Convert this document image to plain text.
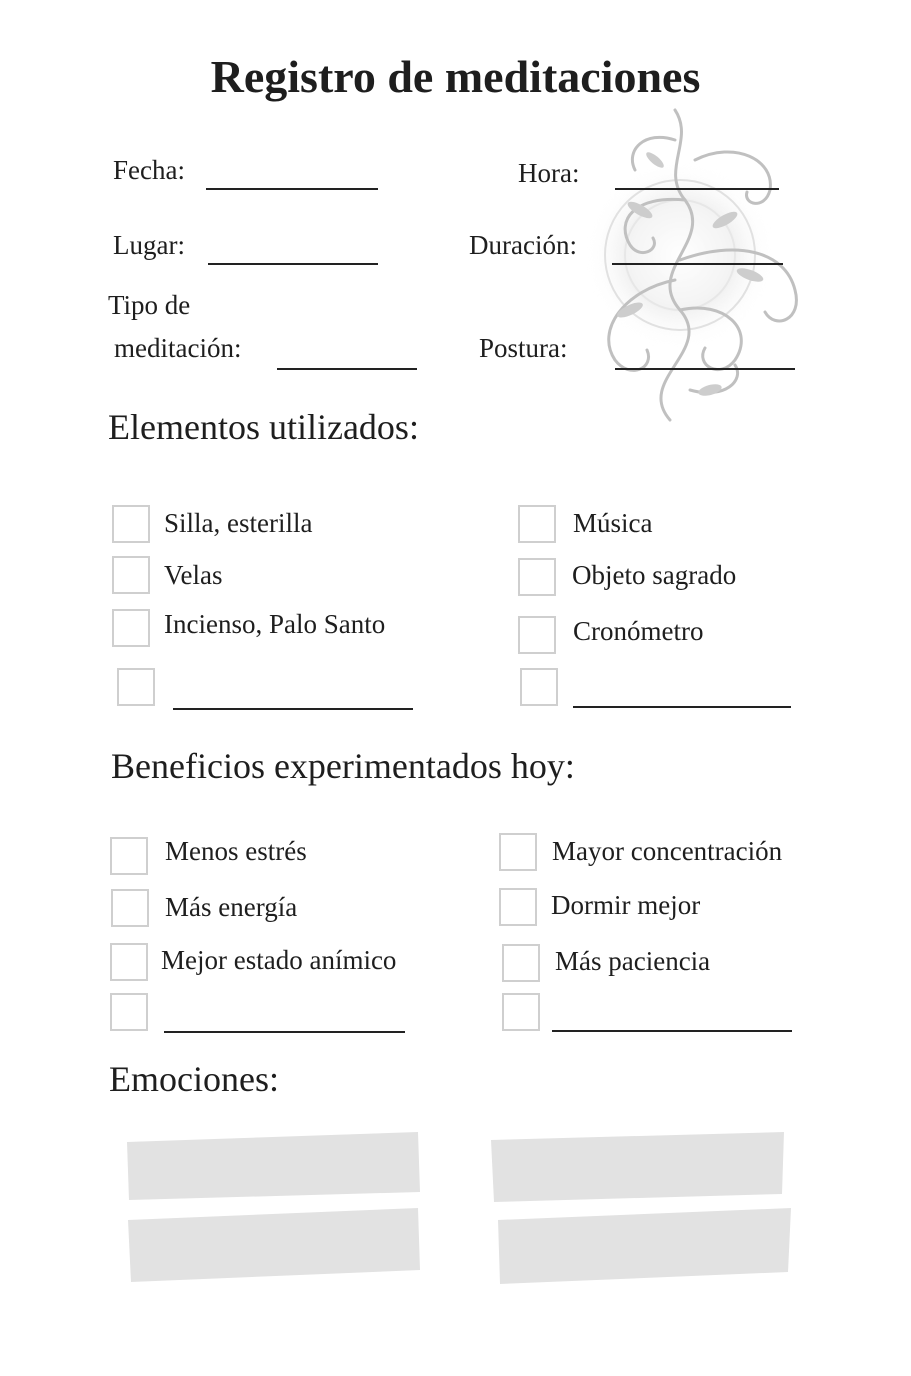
Registro de meditaciones
Fecha:	Hora:
Lugar:	Duración:
Tipo de
meditación:	Postura:
Elementos utilizados:
Silla, esterilla
Velas
Incienso, Palo Santo
Música
Objeto sagrado
Cronómetro
Beneficios experimentados hoy:
Menos estrés
Más energía
Mejor estado anímico
Mayor concentración
Dormir mejor
Más paciencia
Emociones:
